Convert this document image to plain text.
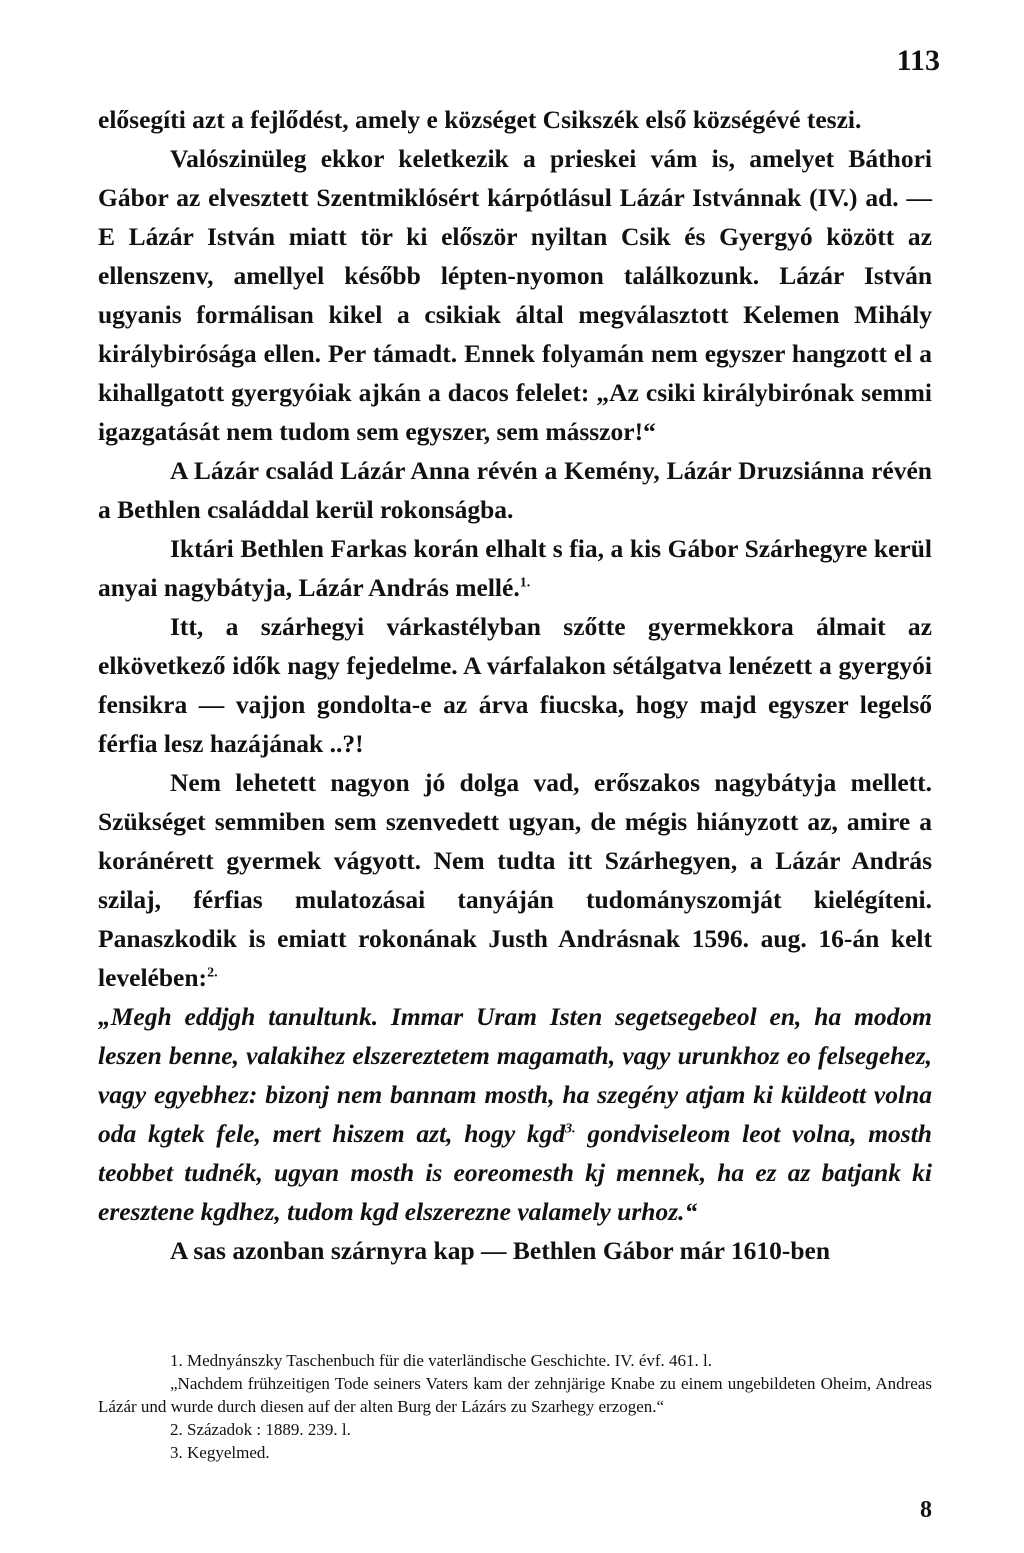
113

elősegíti azt a fejlődést, amely e községet Csikszék első községévé teszi.

Valószinüleg ekkor keletkezik a prieskei vám is, amelyet Báthori Gábor az elvesztett Szentmiklósért kárpótlásul Lázár Istvánnak (IV.) ad. — E Lázár István miatt tör ki először nyiltan Csik és Gyergyó között az ellenszenv, amellyel később lépten-nyomon találkozunk. Lázár István ugyanis formálisan kikel a csikiak által megválasztott Kelemen Mihály királybirósága ellen. Per támadt. Ennek folyamán nem egyszer hangzott el a kihallgatott gyergyóiak ajkán a dacos felelet: „Az csiki királybirónak semmi igazgatását nem tudom sem egyszer, sem másszor!“

A Lázár család Lázár Anna révén a Kemény, Lázár Druzsiánna révén a Bethlen családdal kerül rokonságba.

Iktári Bethlen Farkas korán elhalt s fia, a kis Gábor Szárhegyre kerül anyai nagybátyja, Lázár András mellé.$^{1.}$

Itt, a szárhegyi várkastélyban szőtte gyermekkora álmait az elkövetkező idők nagy fejedelme. A várfalakon sétálgatva lenézett a gyergyói fensikra — vajjon gondolta-e az árva fiucska, hogy majd egyszer legelső férfia lesz hazájának ..?!

Nem lehetett nagyon jó dolga vad, erőszakos nagybátyja mellett. Szükséget semmiben sem szenvedett ugyan, de mégis hiányzott az, amire a koránérett gyermek vágyott. Nem tudta itt Szárhegyen, a Lázár András szilaj, férfias mulatozásai tanyáján tudományszomját kielégíteni. Panaszkodik is emiatt rokonának Justh Andrásnak 1596. aug. 16-án kelt levelében:$^{2.}$

„Megh eddjgh tanultunk. Immar Uram Isten segetsegebeol en, ha modom leszen benne, valakihez elszereztetem magamath, vagy urunkhoz eo felsegehez, vagy egyebhez: bizonj nem bannam mosth, ha szegény atjam ki küldeott volna oda kgtek fele, mert hiszem azt, hogy kgd$^{3.}$ gondviseleom leot volna, mosth teobbet tudnék, ugyan mosth is eoreomesth kj mennek, ha ez az batjank ki eresztene kgdhez, tudom kgd elszerezne valamely urhoz.“

A sas azonban szárnyra kap — Bethlen Gábor már 1610-ben

1. Mednyánszky Taschenbuch für die vaterländische Geschichte. IV. évf. 461. l.

„Nachdem frühzeitigen Tode seiners Vaters kam der zehnjärige Knabe zu einem ungebildeten Oheim, Andreas Lázár und wurde durch diesen auf der alten Burg der Lázárs zu Szarhegy erzogen.“

2. Századok : 1889. 239. l.

3. Kegyelmed.

8
